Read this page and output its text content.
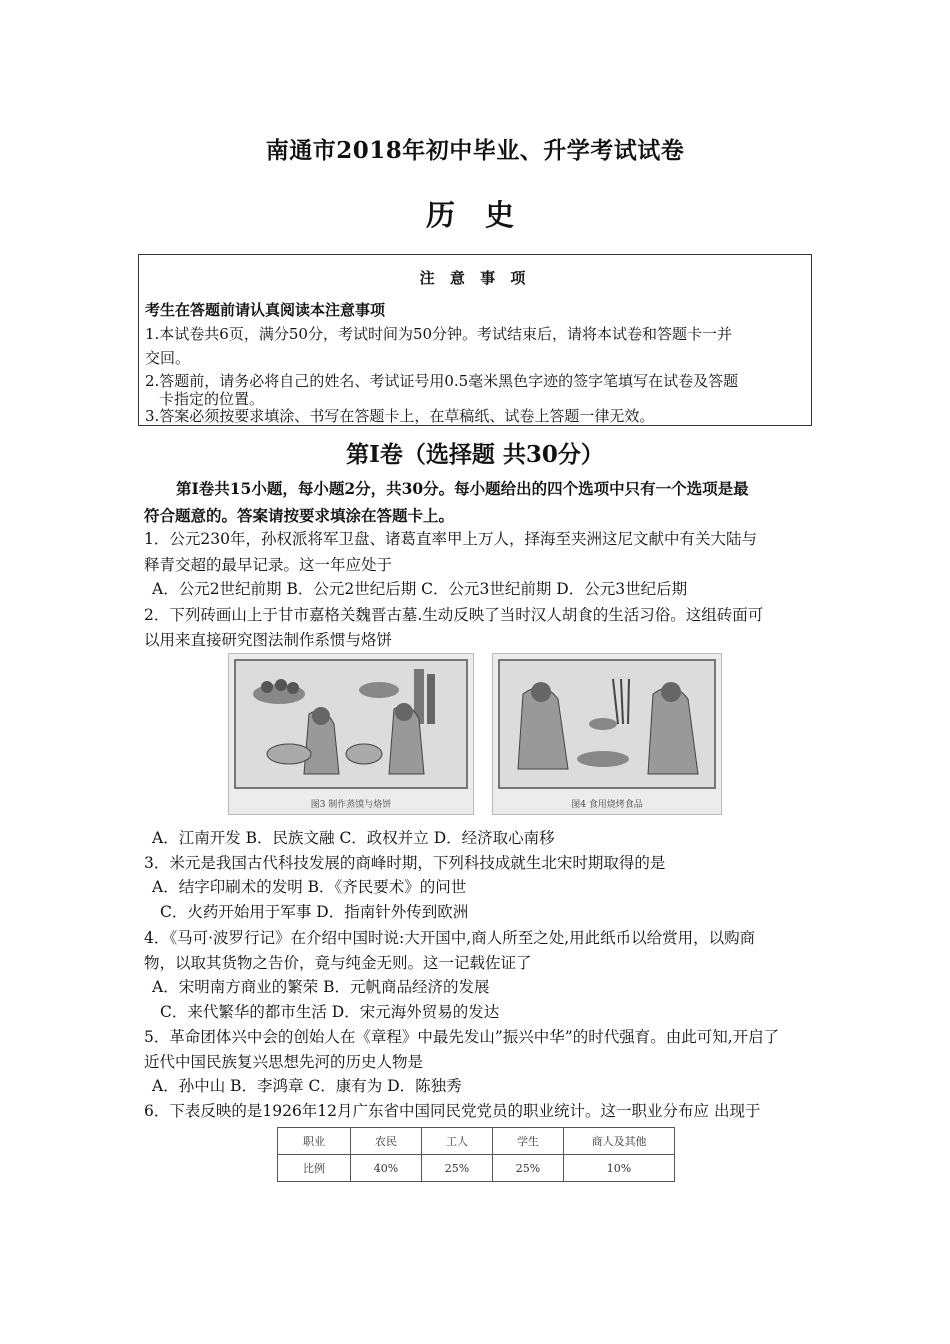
南通市2018年初中毕业、升学考试试卷
历 史
注 意 事 项
考生在答题前请认真阅读本注意事项
1.本试卷共6页，满分50分，考试时间为50分钟。考试结束后，请将本试卷和答题卡一并
交回。
2.答题前，请务必将自己的姓名、考试证号用0.5毫米黑色字迹的签字笔填写在试卷及答题
卡指定的位置。
3.答案必须按要求填涂、书写在答题卡上，在草稿纸、试卷上答题一律无效。
第Ⅰ卷（选择题 共30分）
第Ⅰ卷共15小题，每小题2分，共30分。每小题给出的四个选项中只有一个选项是最
符合题意的。答案请按要求填涂在答题卡上。
1．公元230年，孙权派将军卫盘、诸葛直率甲上万人，择海至夹洲这尼文献中有关大陆与
释青交超的最早记录。这一年应处于
A．公元2世纪前期 B．公元2世纪后期 C．公元3世纪前期 D．公元3世纪后期
2．下列砖画山上于甘市嘉格关魏晋古墓.生动反映了当时汉人胡食的生活习俗。这组砖面可
以用来直接研究图法制作系惯与烙饼
图3 制作蒸馍与烙饼	图4 食用烧烤食品
A．江南开发 B．民族文融 C．政权并立 D．经济取心南移
3．米元是我国古代科技发展的商峰时期，下列科技成就生北宋时期取得的是
A．结字印刷术的发明 B．《齐民要术》的问世
C．火药开始用于军事 D．指南针外传到欧洲
4．《马可·波罗行记》在介绍中国时说:大开国中,商人所至之处,用此纸币以给赏用，以购商
物，以取其货物之告价，竟与纯金无则。这一记载佐证了
A．宋明南方商业的繁荣 B．元帆商品经济的发展
C．来代繁华的都市生活 D．宋元海外贸易的发达
5．革命团体兴中会的创始人在《章程》中最先发山”振兴中华”的时代强育。由此可知,开启了
近代中国民族复兴思想先河的历史人物是
A．孙中山 B．李鸿章 C．康有为 D．陈独秀
6．下表反映的是1926年12月广东省中国同民党党员的职业统计。这一职业分布应 出现于
职业	农民	工人	学生	商人及其他
比例	40%	25%	25%	10%
